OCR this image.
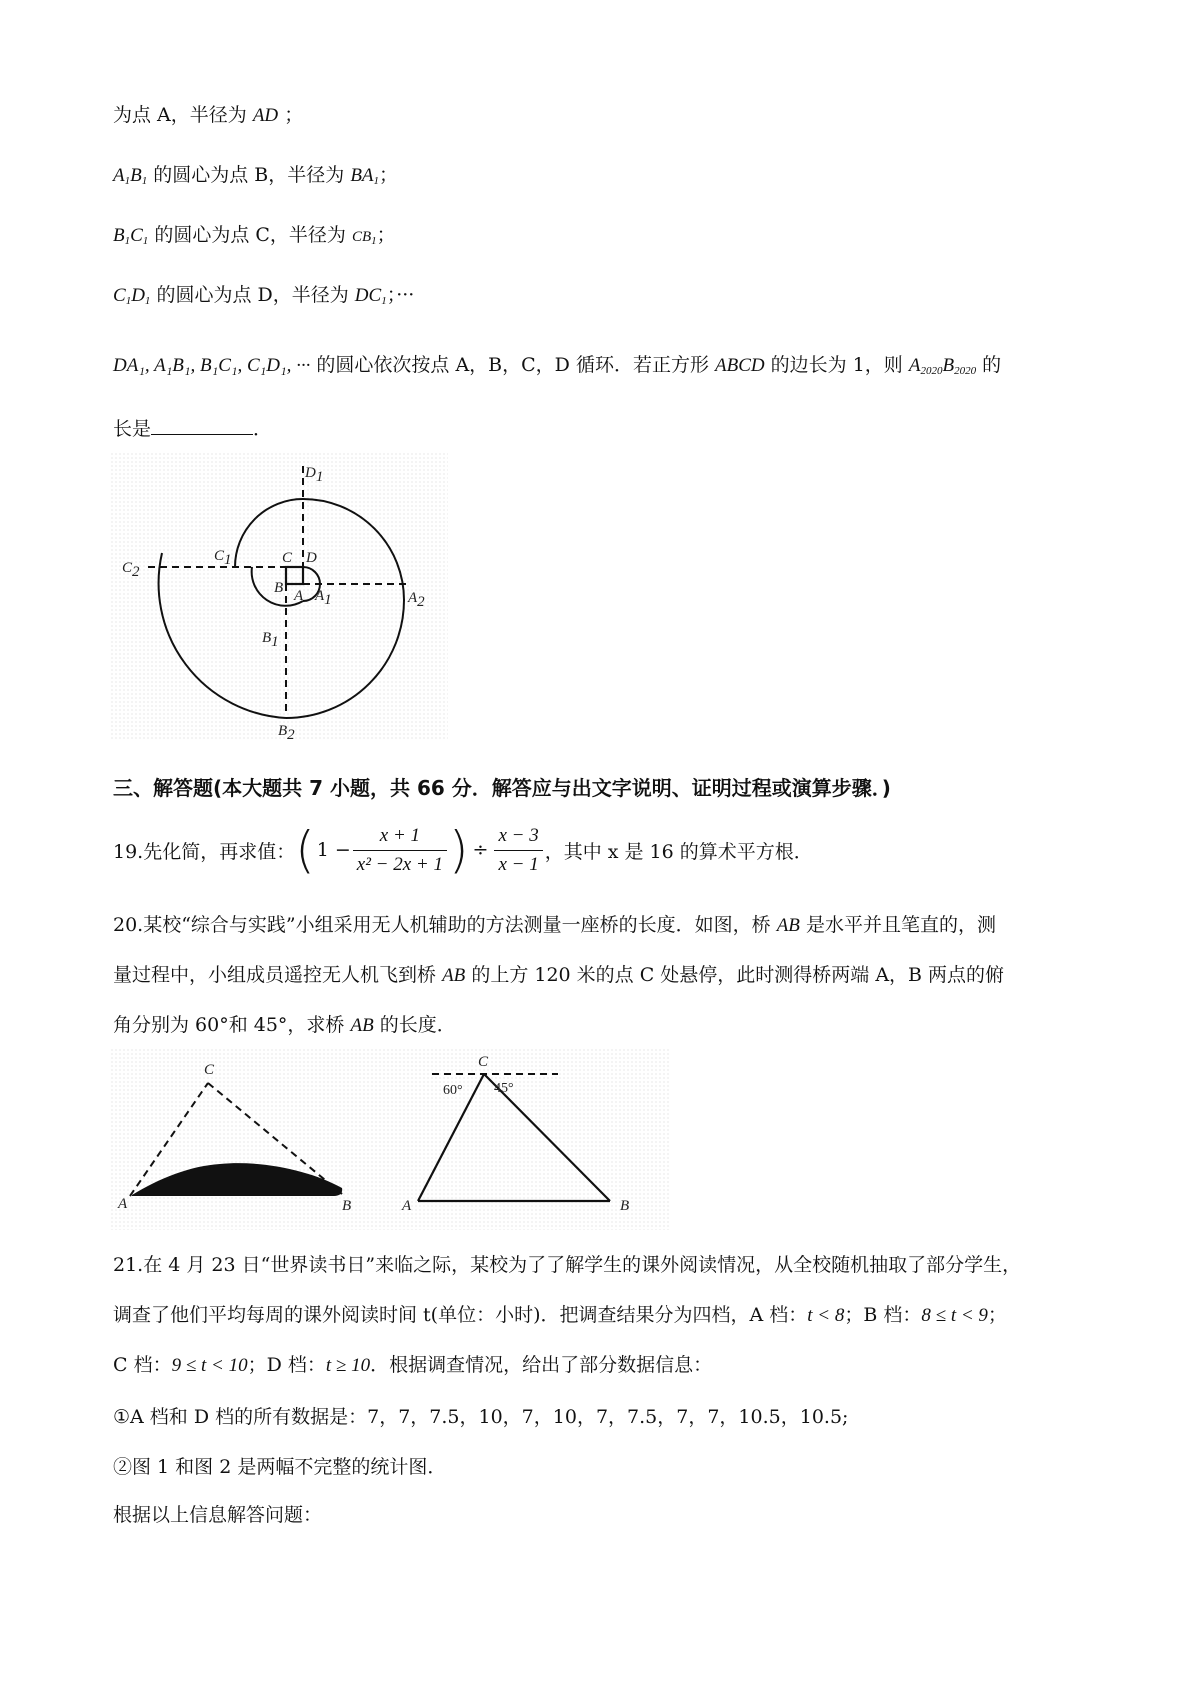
为点 A，半径为 AD ；
$A_1B_1$ 的圆心为点 B，半径为 $BA_1$；
$B_1C_1$ 的圆心为点 C，半径为 $CB_1$；
$C_1D_1$ 的圆心为点 D，半径为 $DC_1$；···
DA₁, A₁B₁, B₁C₁, C₁D₁, ··· 的圆心依次按点 A，B，C，D 循环．若正方形 ABCD 的边长为 1，则 $A_{2020}B_{2020}$ 的
长是	．
D1
C1	C D
C2
B A A1	A2
B1
B2
三、解答题(本大题共 7 小题，共 66 分．解答应与出文字说明、证明过程或演算步骤．)
19.先化简，再求值： ( $1 - \frac{x + 1}{\text{x² − 2x + 1}}$ ) ÷ $\frac{x - 3}{x - 1}$ ，其中 x 是 16 的算术平方根．
20.某校“综合与实践”小组采用无人机辅助的方法测量一座桥的长度．如图，桥 AB 是水平并且笔直的，测
量过程中，小组成员遥控无人机飞到桥 AB 的上方 120 米的点 C 处悬停，此时测得桥两端 A，B 两点的俯
角分别为 60°和 45°，求桥 AB 的长度．
C
A	B
C
60° 45°
A	B
21.在 4 月 23 日“世界读书日”来临之际，某校为了了解学生的课外阅读情况，从全校随机抽取了部分学生，
调查了他们平均每周的课外阅读时间 t(单位：小时)．把调查结果分为四档，A 档：t < 8；B 档：8 ≤ t < 9；
C 档：9 ≤ t < 10；D 档：t ≥ 10．根据调查情况，给出了部分数据信息：
①A 档和 D 档的所有数据是：7，7，7.5，10，7，10，7，7.5，7，7，10.5，10.5;
②图 1 和图 2 是两幅不完整的统计图．
根据以上信息解答问题：
